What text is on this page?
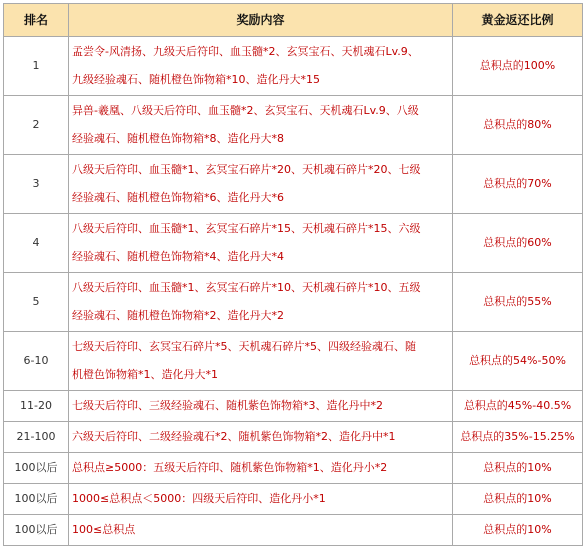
排名	奖励内容	黄金返还比例
1	孟尝令-风清扬、九级天后符印、血玉髓*2、玄冥宝石、天机魂石Lv.9、
九级经验魂石、随机橙色饰物箱*10、造化丹大*15	总积点的100%
2	异兽-羲凰、八级天后符印、血玉髓*2、玄冥宝石、天机魂石Lv.9、八级
经验魂石、随机橙色饰物箱*8、造化丹大*8	总积点的80%
3	八级天后符印、血玉髓*1、玄冥宝石碎片*20、天机魂石碎片*20、七级
经验魂石、随机橙色饰物箱*6、造化丹大*6	总积点的70%
4	八级天后符印、血玉髓*1、玄冥宝石碎片*15、天机魂石碎片*15、六级
经验魂石、随机橙色饰物箱*4、造化丹大*4	总积点的60%
5	八级天后符印、血玉髓*1、玄冥宝石碎片*10、天机魂石碎片*10、五级
经验魂石、随机橙色饰物箱*2、造化丹大*2	总积点的55%
6-10	七级天后符印、玄冥宝石碎片*5、天机魂石碎片*5、四级经验魂石、随
机橙色饰物箱*1、造化丹大*1	总积点的54%-50%
11-20	七级天后符印、三级经验魂石、随机紫色饰物箱*3、造化丹中*2	总积点的45%-40.5%
21-100	六级天后符印、二级经验魂石*2、随机紫色饰物箱*2、造化丹中*1	总积点的35%-15.25%
100以后	总积点≥5000：五级天后符印、随机紫色饰物箱*1、造化丹小*2	总积点的10%
100以后	1000≤总积点＜5000：四级天后符印、造化丹小*1	总积点的10%
100以后	100≤总积点	总积点的10%
